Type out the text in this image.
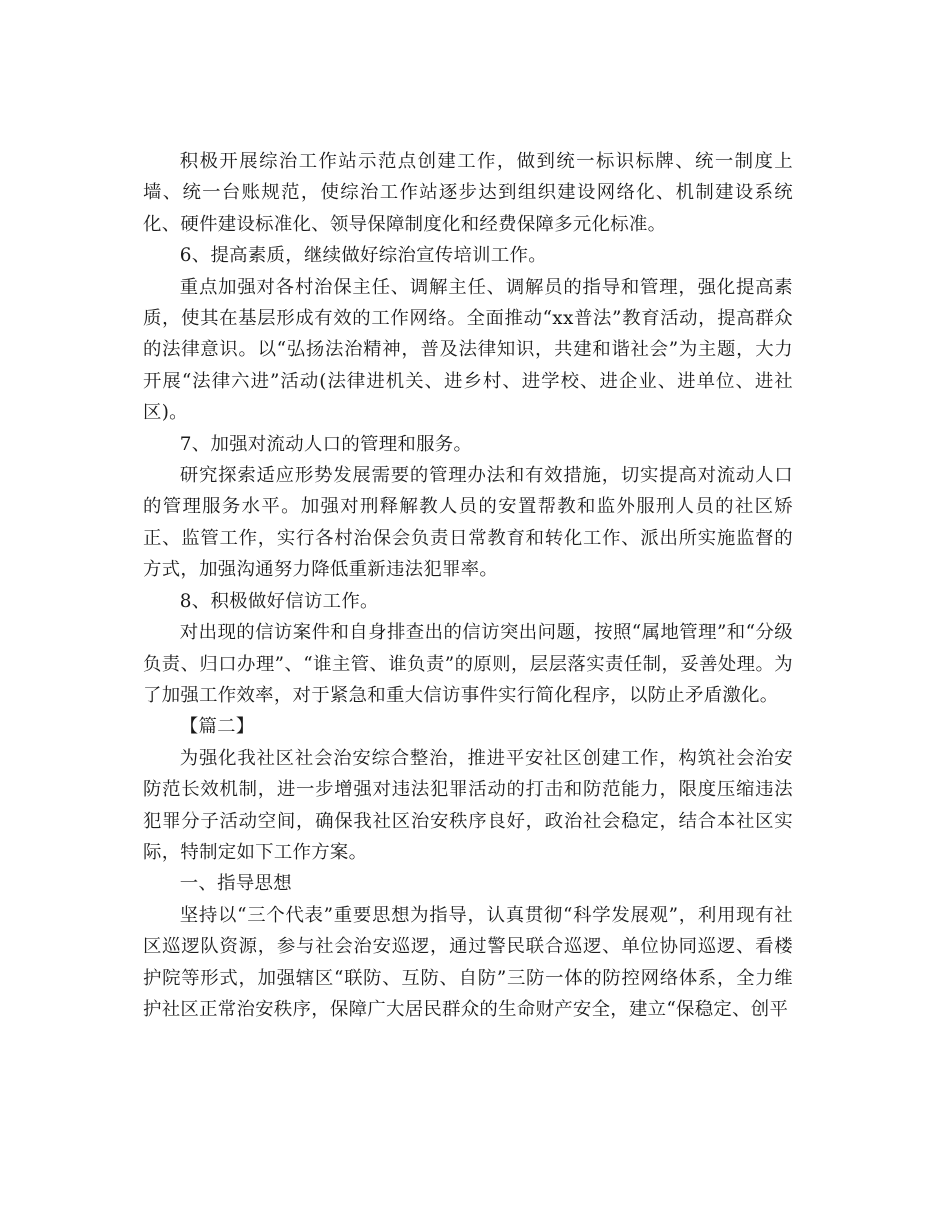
积极开展综治工作站示范点创建工作，做到统一标识标牌、统一制度上墙、统一台账规范，使综治工作站逐步达到组织建设网络化、机制建设系统化、硬件建设标准化、领导保障制度化和经费保障多元化标准。

6、提高素质，继续做好综治宣传培训工作。

重点加强对各村治保主任、调解主任、调解员的指导和管理，强化提高素质，使其在基层形成有效的工作网络。全面推动“xx普法”教育活动，提高群众的法律意识。以“弘扬法治精神，普及法律知识，共建和谐社会”为主题，大力开展“法律六进”活动(法律进机关、进乡村、进学校、进企业、进单位、进社区)。

7、加强对流动人口的管理和服务。

研究探索适应形势发展需要的管理办法和有效措施，切实提高对流动人口的管理服务水平。加强对刑释解教人员的安置帮教和监外服刑人员的社区矫正、监管工作，实行各村治保会负责日常教育和转化工作、派出所实施监督的方式，加强沟通努力降低重新违法犯罪率。

8、积极做好信访工作。

对出现的信访案件和自身排查出的信访突出问题，按照“属地管理”和“分级负责、归口办理”、“谁主管、谁负责”的原则，层层落实责任制，妥善处理。为了加强工作效率，对于紧急和重大信访事件实行简化程序，以防止矛盾激化。

【篇二】

为强化我社区社会治安综合整治，推进平安社区创建工作，构筑社会治安防范长效机制，进一步增强对违法犯罪活动的打击和防范能力，限度压缩违法犯罪分子活动空间，确保我社区治安秩序良好，政治社会稳定，结合本社区实际，特制定如下工作方案。

一、指导思想

坚持以“三个代表”重要思想为指导，认真贯彻“科学发展观”，利用现有社区巡逻队资源，参与社会治安巡逻，通过警民联合巡逻、单位协同巡逻、看楼护院等形式，加强辖区“联防、互防、自防”三防一体的防控网络体系，全力维护社区正常治安秩序，保障广大居民群众的生命财产安全，建立“保稳定、创平
